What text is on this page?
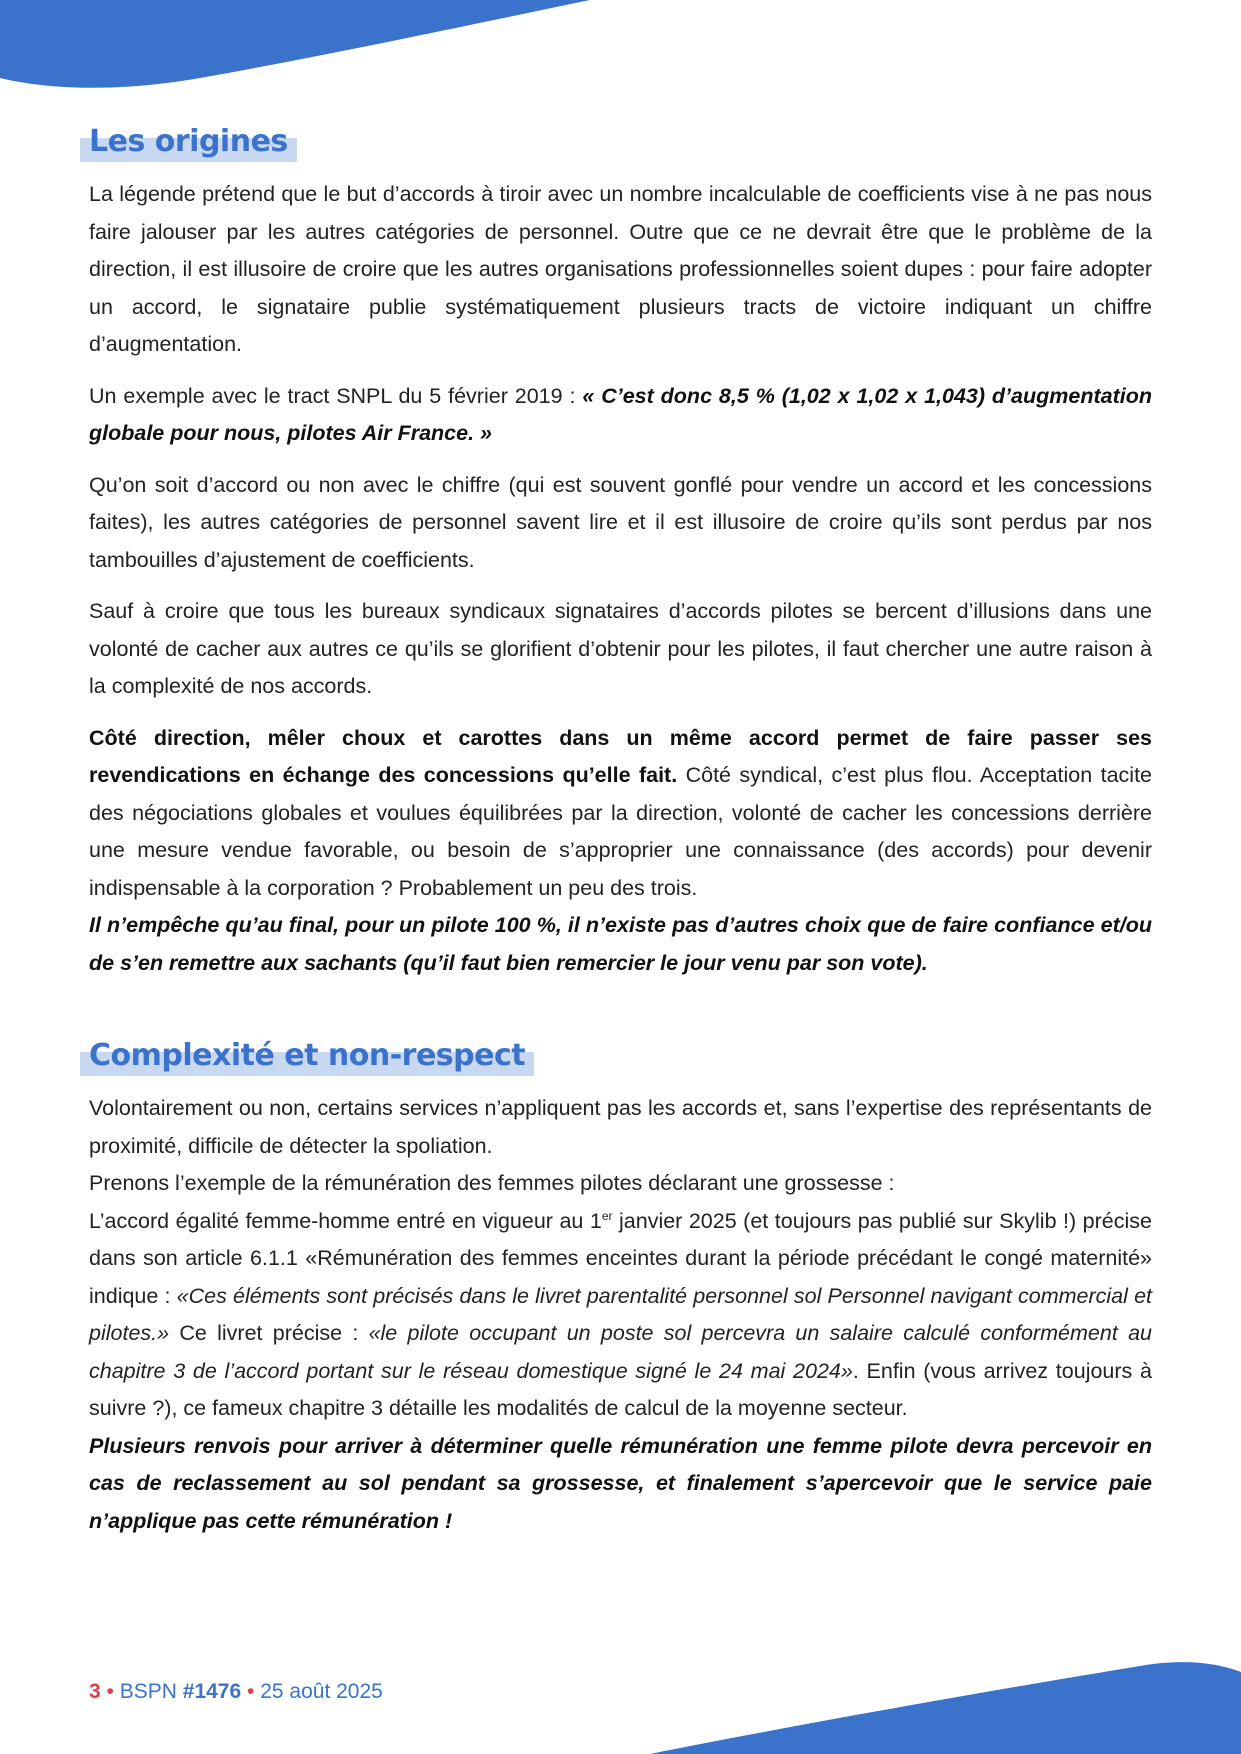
Les origines

La légende prétend que le but d’accords à tiroir avec un nombre incalculable de coefficients vise à ne pas nous faire jalouser par les autres catégories de personnel. Outre que ce ne devrait être que le problème de la direction, il est illusoire de croire que les autres organisations professionnelles soient dupes : pour faire adopter un accord, le signataire publie systématiquement plusieurs tracts de victoire indiquant un chiffre d’augmentation.

Un exemple avec le tract SNPL du 5 février 2019 : « C’est donc 8,5 % (1,02 x 1,02 x 1,043) d’augmentation globale pour nous, pilotes Air France. »

Qu’on soit d’accord ou non avec le chiffre (qui est souvent gonflé pour vendre un accord et les concessions faites), les autres catégories de personnel savent lire et il est illusoire de croire qu’ils sont perdus par nos tambouilles d’ajustement de coefficients.

Sauf à croire que tous les bureaux syndicaux signataires d’accords pilotes se bercent d’illusions dans une volonté de cacher aux autres ce qu’ils se glorifient d’obtenir pour les pilotes, il faut chercher une autre raison à la complexité de nos accords.

Côté direction, mêler choux et carottes dans un même accord permet de faire passer ses revendications en échange des concessions qu’elle fait. Côté syndical, c’est plus flou. Acceptation tacite des négociations globales et voulues équilibrées par la direction, volonté de cacher les concessions derrière une mesure vendue favorable, ou besoin de s’approprier une connaissance (des accords) pour devenir indispensable à la corporation ? Probablement un peu des trois.

Il n’empêche qu’au final, pour un pilote 100 %, il n’existe pas d’autres choix que de faire confiance et/ou de s’en remettre aux sachants (qu’il faut bien remercier le jour venu par son vote).

Complexité et non-respect

Volontairement ou non, certains services n’appliquent pas les accords et, sans l’expertise des représentants de proximité, difficile de détecter la spoliation.

Prenons l’exemple de la rémunération des femmes pilotes déclarant une grossesse :

L’accord égalité femme-homme entré en vigueur au 1er janvier 2025 (et toujours pas publié sur Skylib !) précise dans son article 6.1.1 «Rémunération des femmes enceintes durant la période précédant le congé maternité» indique : «Ces éléments sont précisés dans le livret parentalité personnel sol Personnel navigant commercial et pilotes.» Ce livret précise : «le pilote occupant un poste sol percevra un salaire calculé conformément au chapitre 3 de l’accord portant sur le réseau domestique signé le 24 mai 2024». Enfin (vous arrivez toujours à suivre ?), ce fameux chapitre 3 détaille les modalités de calcul de la moyenne secteur.

Plusieurs renvois pour arriver à déterminer quelle rémunération une femme pilote devra percevoir en cas de reclassement au sol pendant sa grossesse, et finalement s’apercevoir que le service paie n’applique pas cette rémunération !

3 • BSPN #1476 • 25 août 2025
